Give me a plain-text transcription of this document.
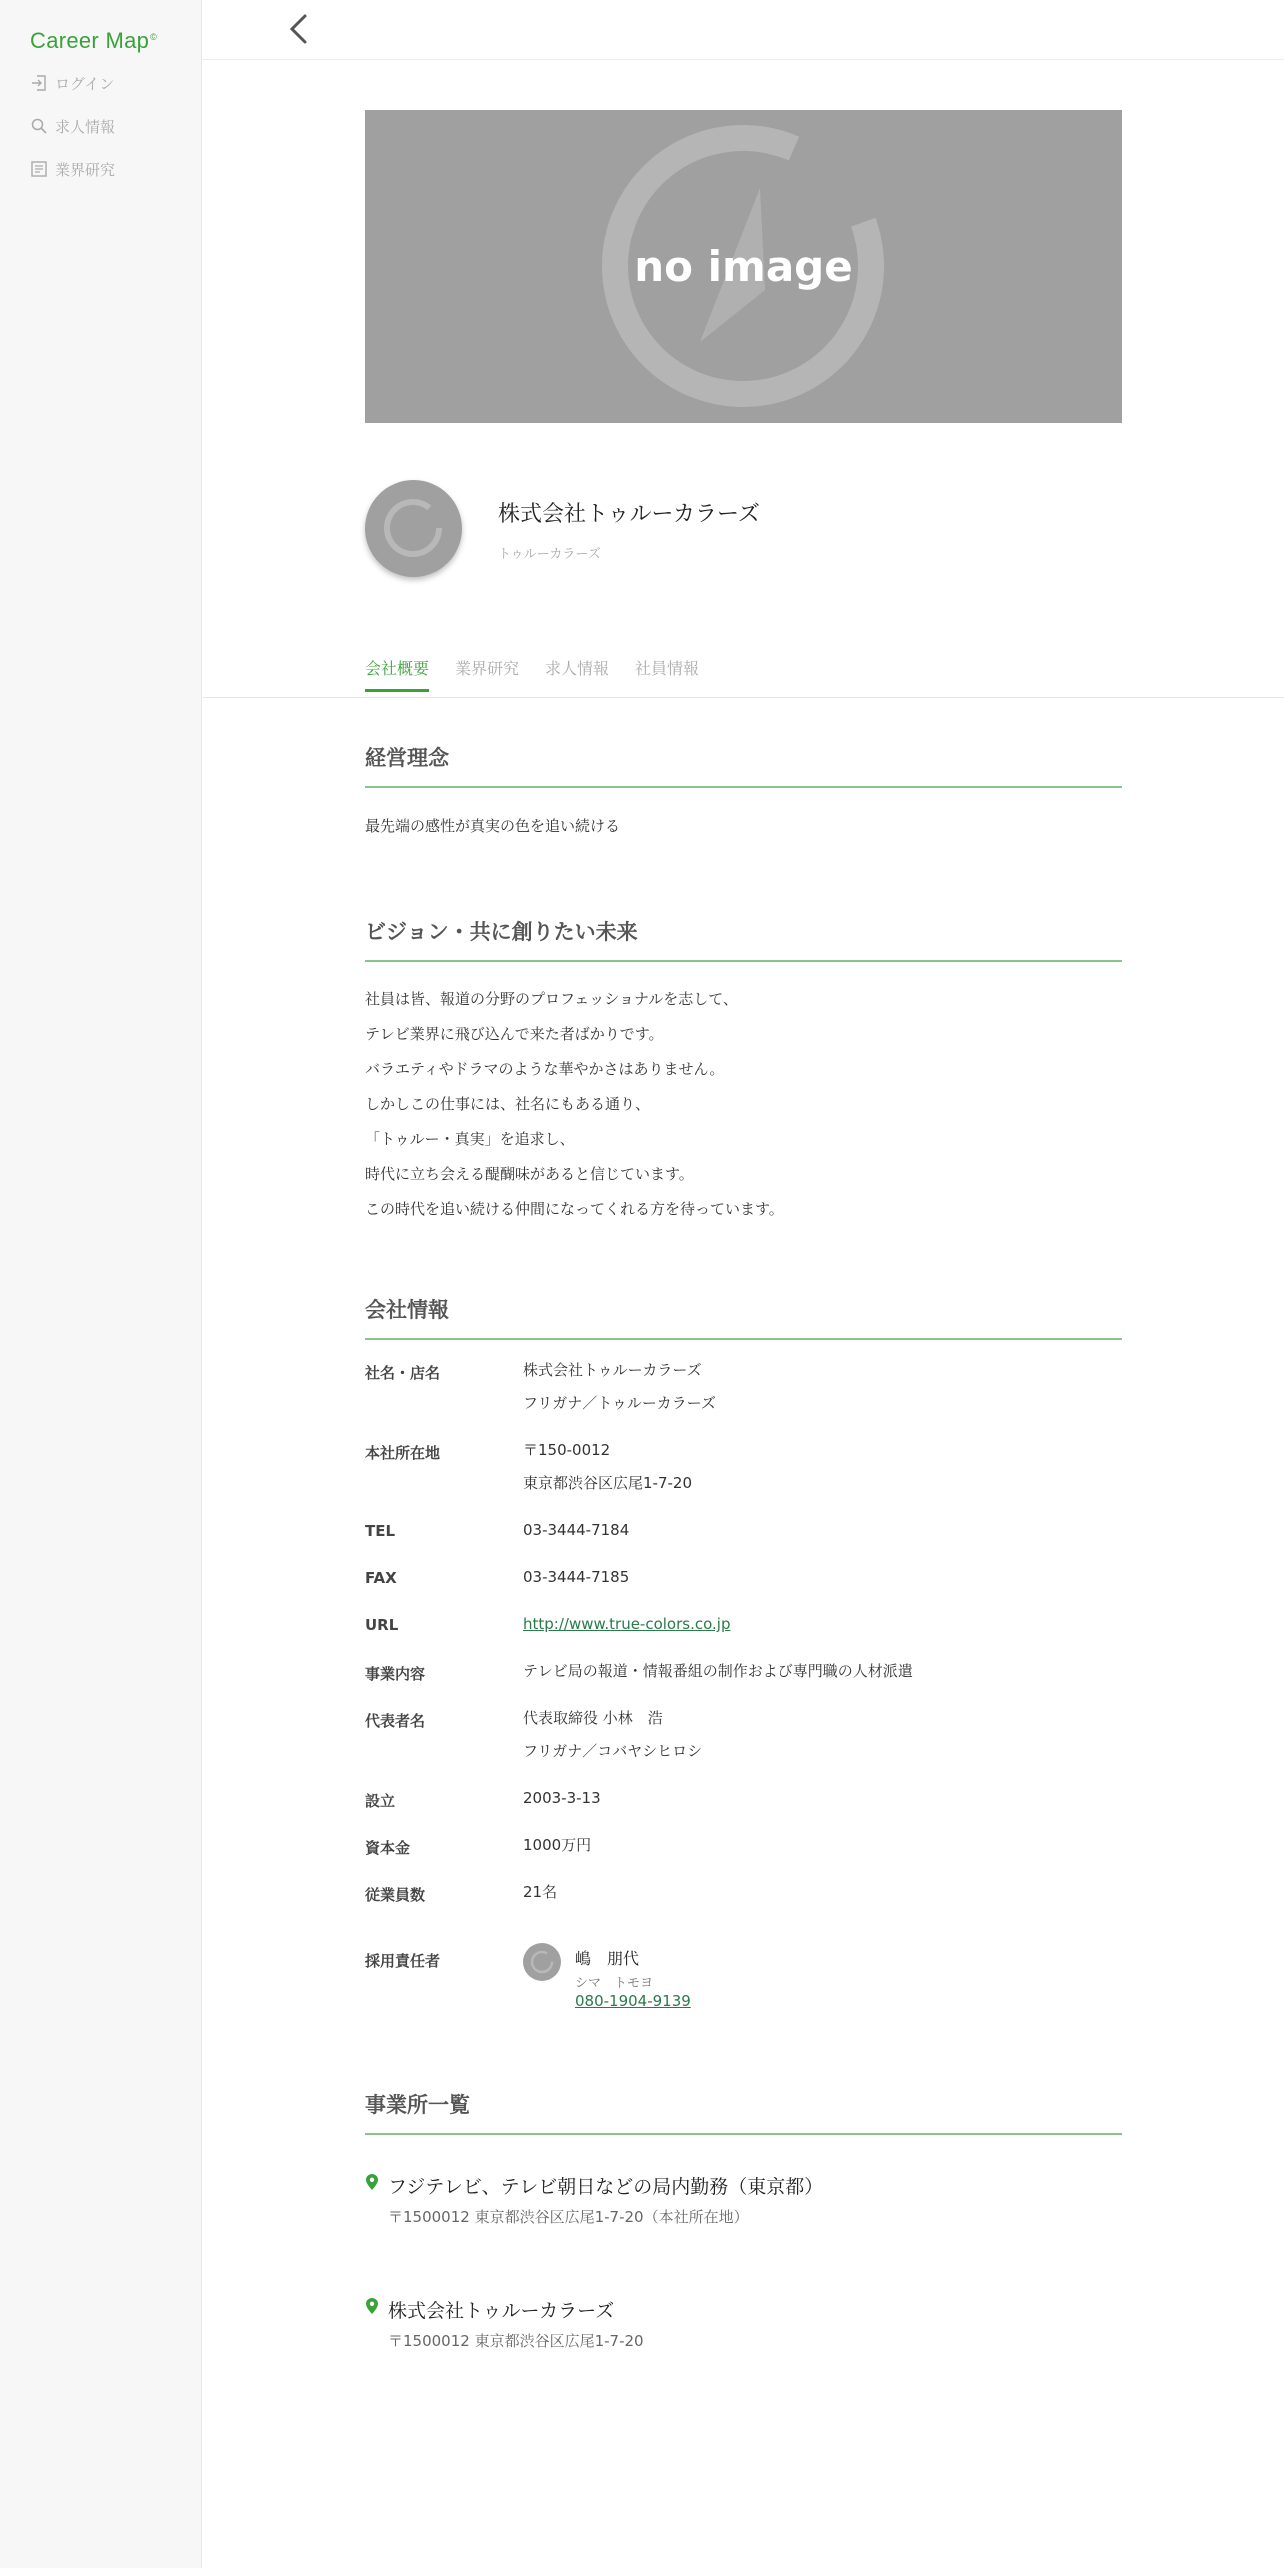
Career Map©
ログイン
求人情報
業界研究
no image
株式会社トゥルーカラーズ
トゥルーカラーズ
会社概要 業界研究 求人情報 社員情報
経営理念
最先端の感性が真実の色を追い続ける
ビジョン・共に創りたい未来
社員は皆、報道の分野のプロフェッショナルを志して、
テレビ業界に飛び込んで来た者ばかりです。
バラエティやドラマのような華やかさはありません。
しかしこの仕事には、社名にもある通り、
「トゥルー・真実」を追求し、
時代に立ち会える醍醐味があると信じています。
この時代を追い続ける仲間になってくれる方を待っています。
会社情報
社名・店名	株式会社トゥルーカラーズ
フリガナ／トゥルーカラーズ
本社所在地	〒150-0012
東京都渋谷区広尾1-7-20
TEL	03-3444-7184
FAX	03-3444-7185
URL	http://www.true-colors.co.jp
事業内容	テレビ局の報道・情報番組の制作および専門職の人材派遣
代表者名	代表取締役 小林　浩
フリガナ／コバヤシヒロシ
設立	2003-3-13
資本金	1000万円
従業員数	21名
採用責任者	嶋　朋代
シマ　トモヨ
080-1904-9139
事業所一覧
フジテレビ、テレビ朝日などの局内勤務（東京都）
〒1500012 東京都渋谷区広尾1-7-20（本社所在地）
株式会社トゥルーカラーズ
〒1500012 東京都渋谷区広尾1-7-20
